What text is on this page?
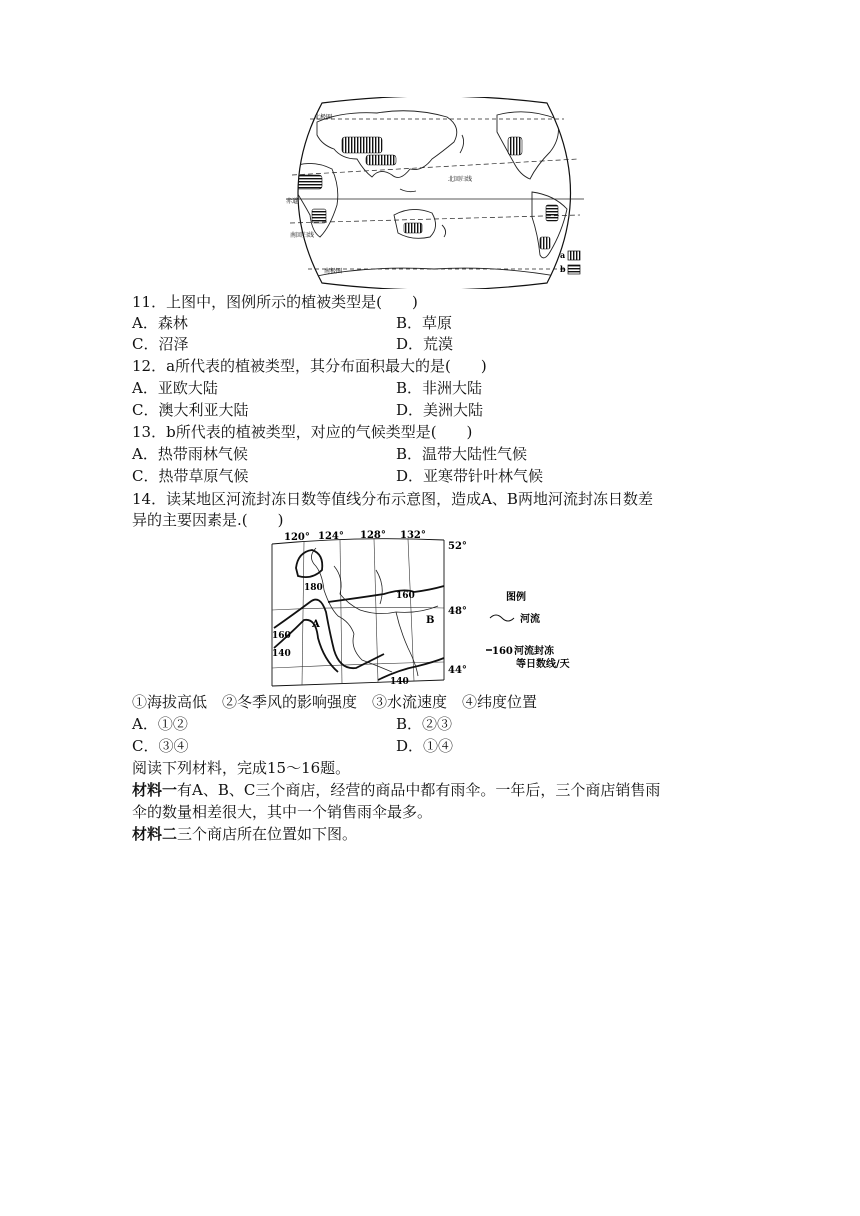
北极圈
北回归线
赤道
南回归线
南极圈
a
b
11．上图中，图例所示的植被类型是(　　)
A．森林	B．草原
C．沼泽	D．荒漠
12．a所代表的植被类型，其分布面积最大的是(　　)
A．亚欧大陆	B．非洲大陆
C．澳大利亚大陆	D．美洲大陆
13．b所代表的植被类型，对应的气候类型是(　　)
A．热带雨林气候	B．温带大陆性气候
C．热带草原气候	D．亚寒带针叶林气候
14．读某地区河流封冻日数等值线分布示意图，造成A、B两地河流封冻日数差
异的主要因素是.(　　)
120° 124° 128° 132°
52°
48°
44°
180
160
160
140
140
A	B
图例
河流
160 河流封冻
等日数线/天
①海拔高低　②冬季风的影响强度　③水流速度　④纬度位置
A．①②	B．②③
C．③④	D．①④
阅读下列材料，完成15～16题。
材料一有A、B、C三个商店，经营的商品中都有雨伞。一年后，三个商店销售雨
伞的数量相差很大，其中一个销售雨伞最多。
材料二三个商店所在位置如下图。
